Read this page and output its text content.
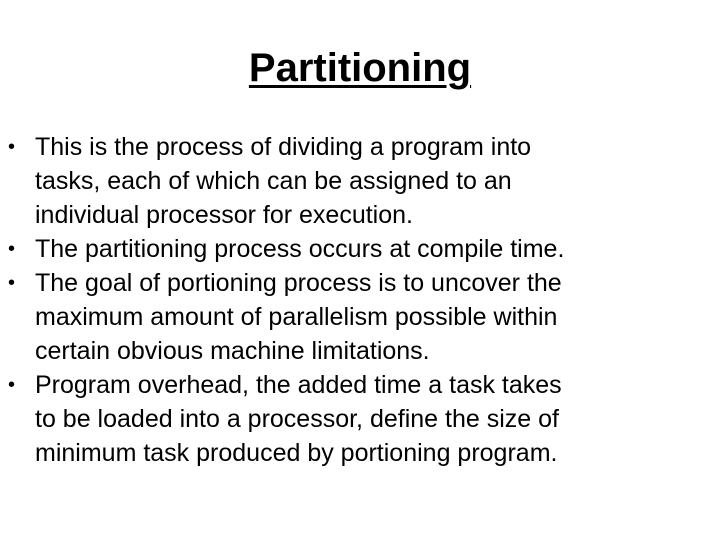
Partitioning
• This is the process of dividing a program into
tasks, each of which can be assigned to an
individual processor for execution.
• The partitioning process occurs at compile time.
• The goal of portioning process is to uncover the
maximum amount of parallelism possible within
certain obvious machine limitations.
• Program overhead, the added time a task takes
to be loaded into a processor, define the size of
minimum task produced by portioning program.
